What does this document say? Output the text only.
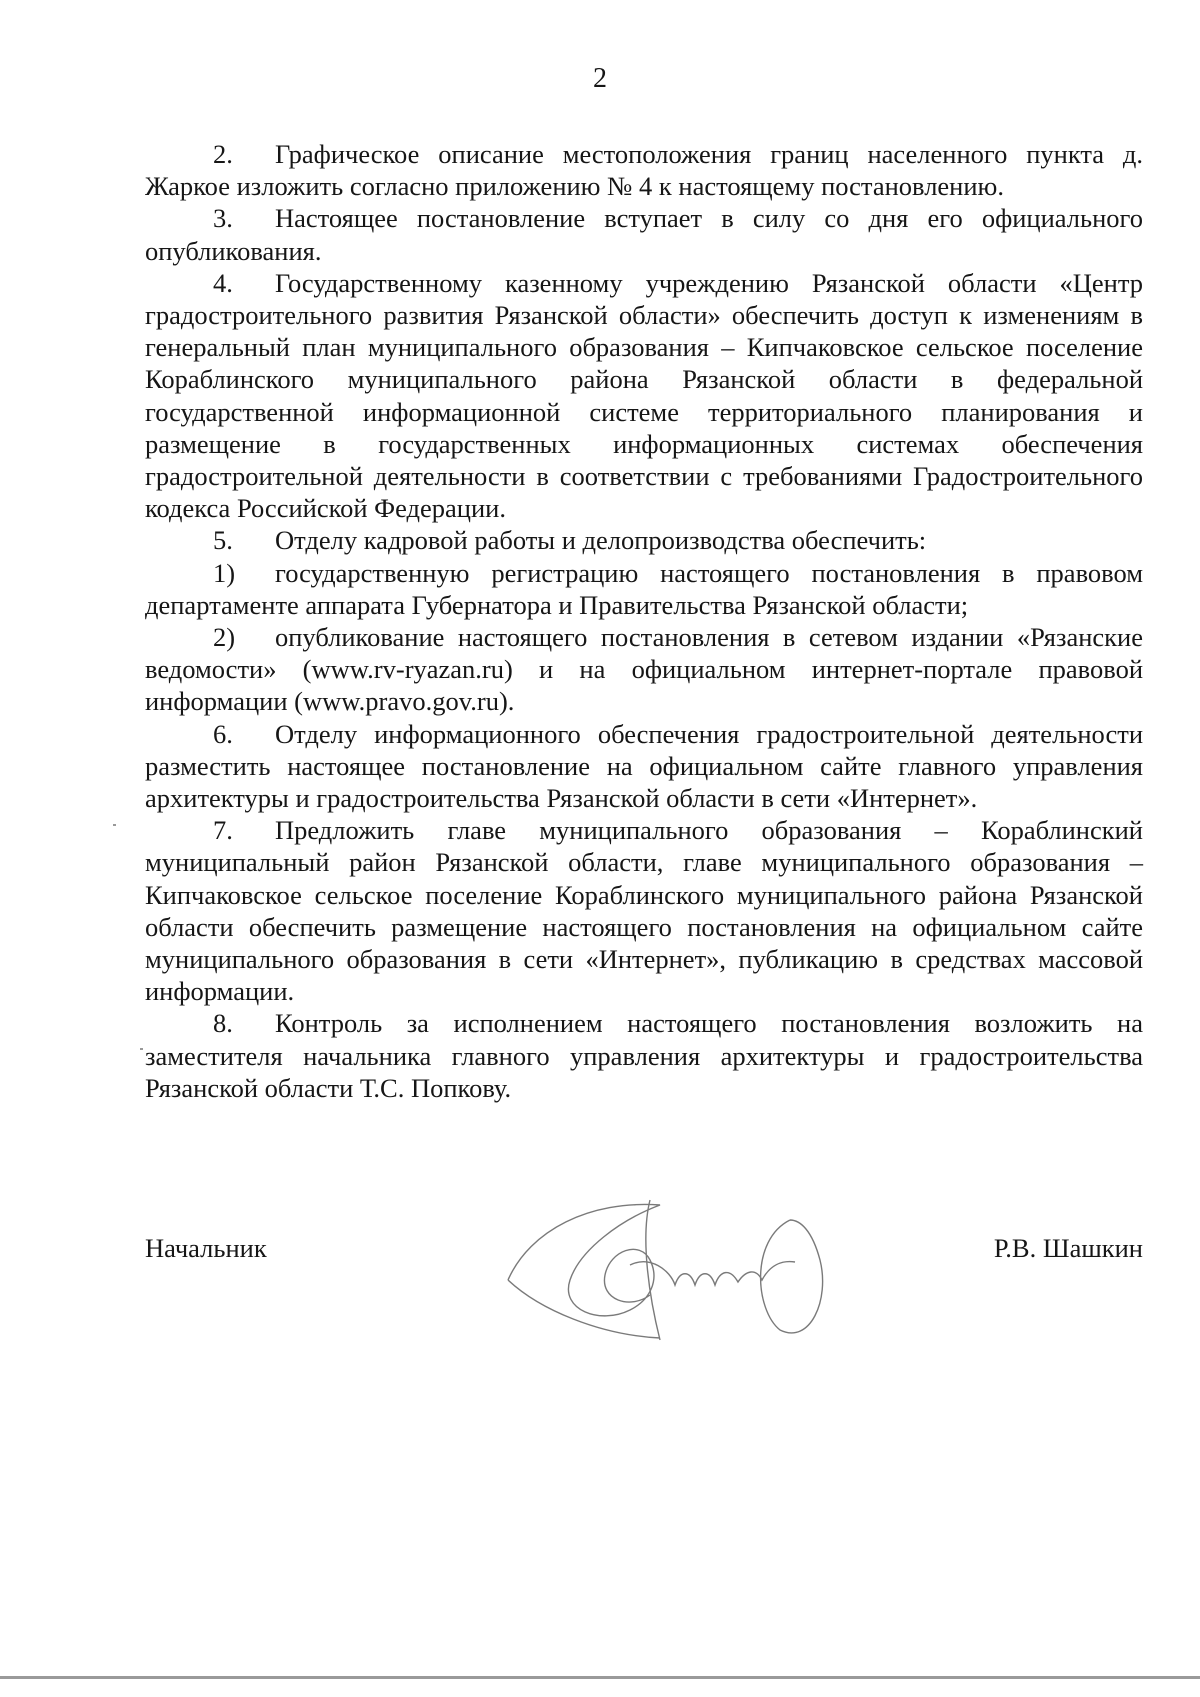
2

2. Графическое описание местоположения границ населенного пункта д. Жаркое изложить согласно приложению № 4 к настоящему постановлению.

3. Настоящее постановление вступает в силу со дня его официального опубликования.

4. Государственному казенному учреждению Рязанской области «Центр градостроительного развития Рязанской области» обеспечить доступ к изменениям в генеральный план муниципального образования – Кипчаковское сельское поселение Кораблинского муниципального района Рязанской области в федеральной государственной информационной системе территориального планирования и размещение в государственных информационных системах обеспечения градостроительной деятельности в соответствии с требованиями Градостроительного кодекса Российской Федерации.

5. Отделу кадровой работы и делопроизводства обеспечить:

1) государственную регистрацию настоящего постановления в правовом департаменте аппарата Губернатора и Правительства Рязанской области;

2) опубликование настоящего постановления в сетевом издании «Рязанские ведомости» (www.rv-ryazan.ru) и на официальном интернет-портале правовой информации (www.pravo.gov.ru).

6. Отделу информационного обеспечения градостроительной деятельности разместить настоящее постановление на официальном сайте главного управления архитектуры и градостроительства Рязанской области в сети «Интернет».

7. Предложить главе муниципального образования – Кораблинский муниципальный район Рязанской области, главе муниципального образования – Кипчаковское сельское поселение Кораблинского муниципального района Рязанской области обеспечить размещение настоящего постановления на официальном сайте муниципального образования в сети «Интернет», публикацию в средствах массовой информации.

8. Контроль за исполнением настоящего постановления возложить на заместителя начальника главного управления архитектуры и градостроительства Рязанской области Т.С. Попкову.

Начальник	Р.В. Шашкин
